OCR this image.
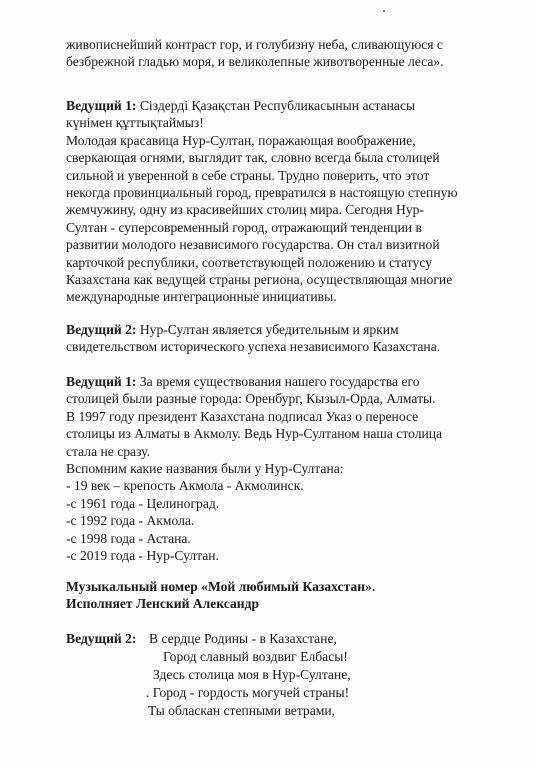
живописнейший контраст гор, и голубизну неба, сливающуюся с
безбрежной гладью моря, и великолепные животворенные леса».
Ведущий 1: Сіздерді Қазақстан Республикасынын астанасы
күнімен құттықтаймыз!
Молодая красавица Нур-Султан, поражающая воображение,
сверкающая огнями, выглядит так, словно всегда была столицей
сильной и уверенной в себе страны. Трудно поверить, что этот
некогда провинциальный город, превратился в настоящую степную
жемчужину, одну из красивейших столиц мира. Сегодня Нур-
Султан - суперсовременный город, отражающий тенденции в
развитии молодого независимого государства. Он стал визитной
карточкой республики, соответствующей положению и статусу
Казахстана как ведущей страны региона, осуществляющая многие
международные интеграционные инициативы.
Ведущий 2: Нур-Султан является убедительным и ярким
свидетельством исторического успеха независимого Казахстана.
Ведущий 1: За время существования нашего государства его
столицей были разные города: Оренбург, Кызыл-Орда, Алматы.
В 1997 году президент Казахстана подписал Указ о переносе
столицы из Алматы в Акмолу. Ведь Нур-Султаном наша столица
стала не сразу.
Вспомним какие названия были у Нур-Султана:
- 19 век – крепость Акмола - Акмолинск.
-с 1961 года - Целиноград.
-с 1992 года - Акмола.
-с 1998 года - Астана.
-с 2019 года - Нур-Султан.
Музыкальный номер «Мой любимый Казахстан».
Исполняет Ленский Александр
Ведущий 2: В сердце Родины - в Казахстане,
Город славный воздвиг Елбасы!
Здесь столица моя в Нур-Султане,
. Город - гордость могучей страны!
Ты обласкан степными ветрами,
